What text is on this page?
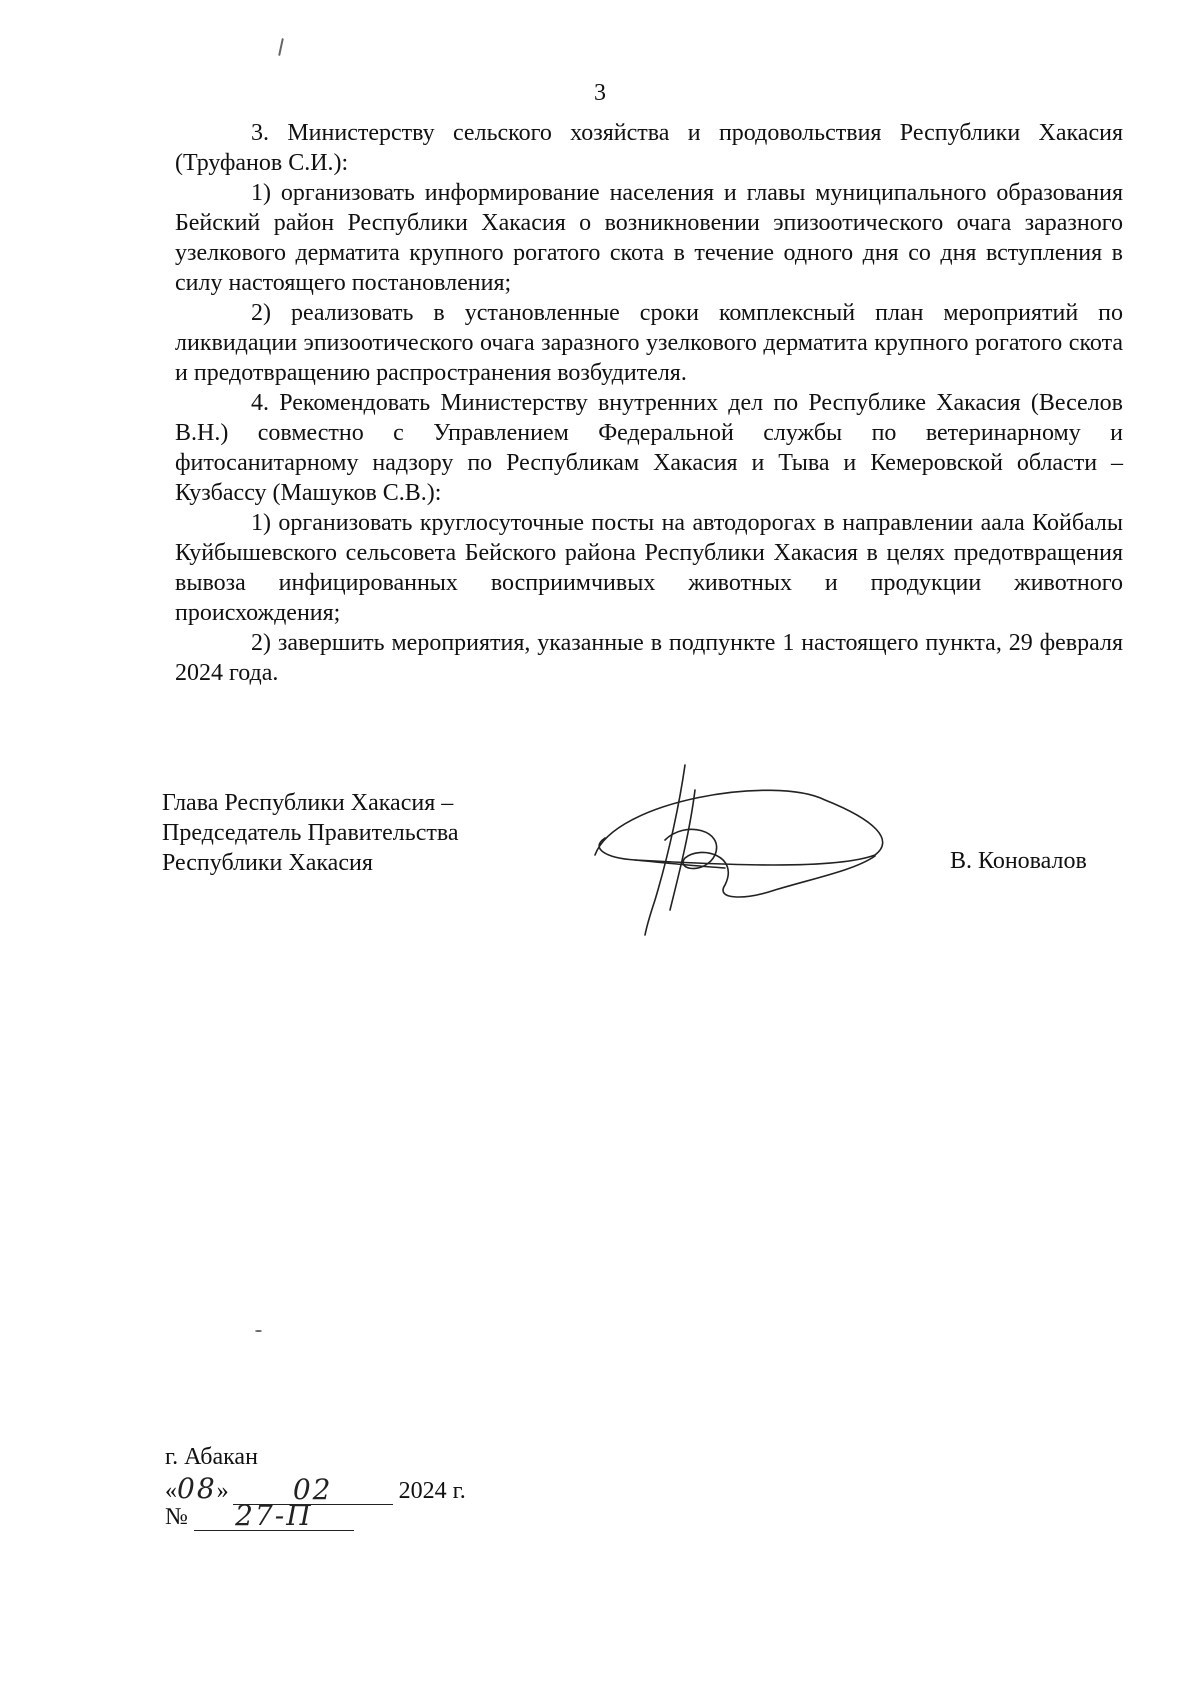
3

3. Министерству сельского хозяйства и продовольствия Республики Хакасия (Труфанов С.И.):

1) организовать информирование населения и главы муниципального образования Бейский район Республики Хакасия о возникновении эпизоотического очага заразного узелкового дерматита крупного рогатого скота в течение одного дня со дня вступления в силу настоящего постановления;

2) реализовать в установленные сроки комплексный план мероприятий по ликвидации эпизоотического очага заразного узелкового дерматита крупного рогатого скота и предотвращению распространения возбудителя.

4. Рекомендовать Министерству внутренних дел по Республике Хакасия (Веселов В.Н.) совместно с Управлением Федеральной службы по ветеринарному и фитосанитарному надзору по Республикам Хакасия и Тыва и Кемеровской области – Кузбассу (Машуков С.В.):

1) организовать круглосуточные посты на автодорогах в направлении аала Койбалы Куйбышевского сельсовета Бейского района Республики Хакасия в целях предотвращения вывоза инфицированных восприимчивых животных и продукции животного происхождения;

2) завершить мероприятия, указанные в подпункте 1 настоящего пункта, 29 февраля 2024 года.

Глава Республики Хакасия –
Председатель Правительства
Республики Хакасия	В. Коновалов
г. Абакан
« 08 »	02	2024 г.
№	27-П
